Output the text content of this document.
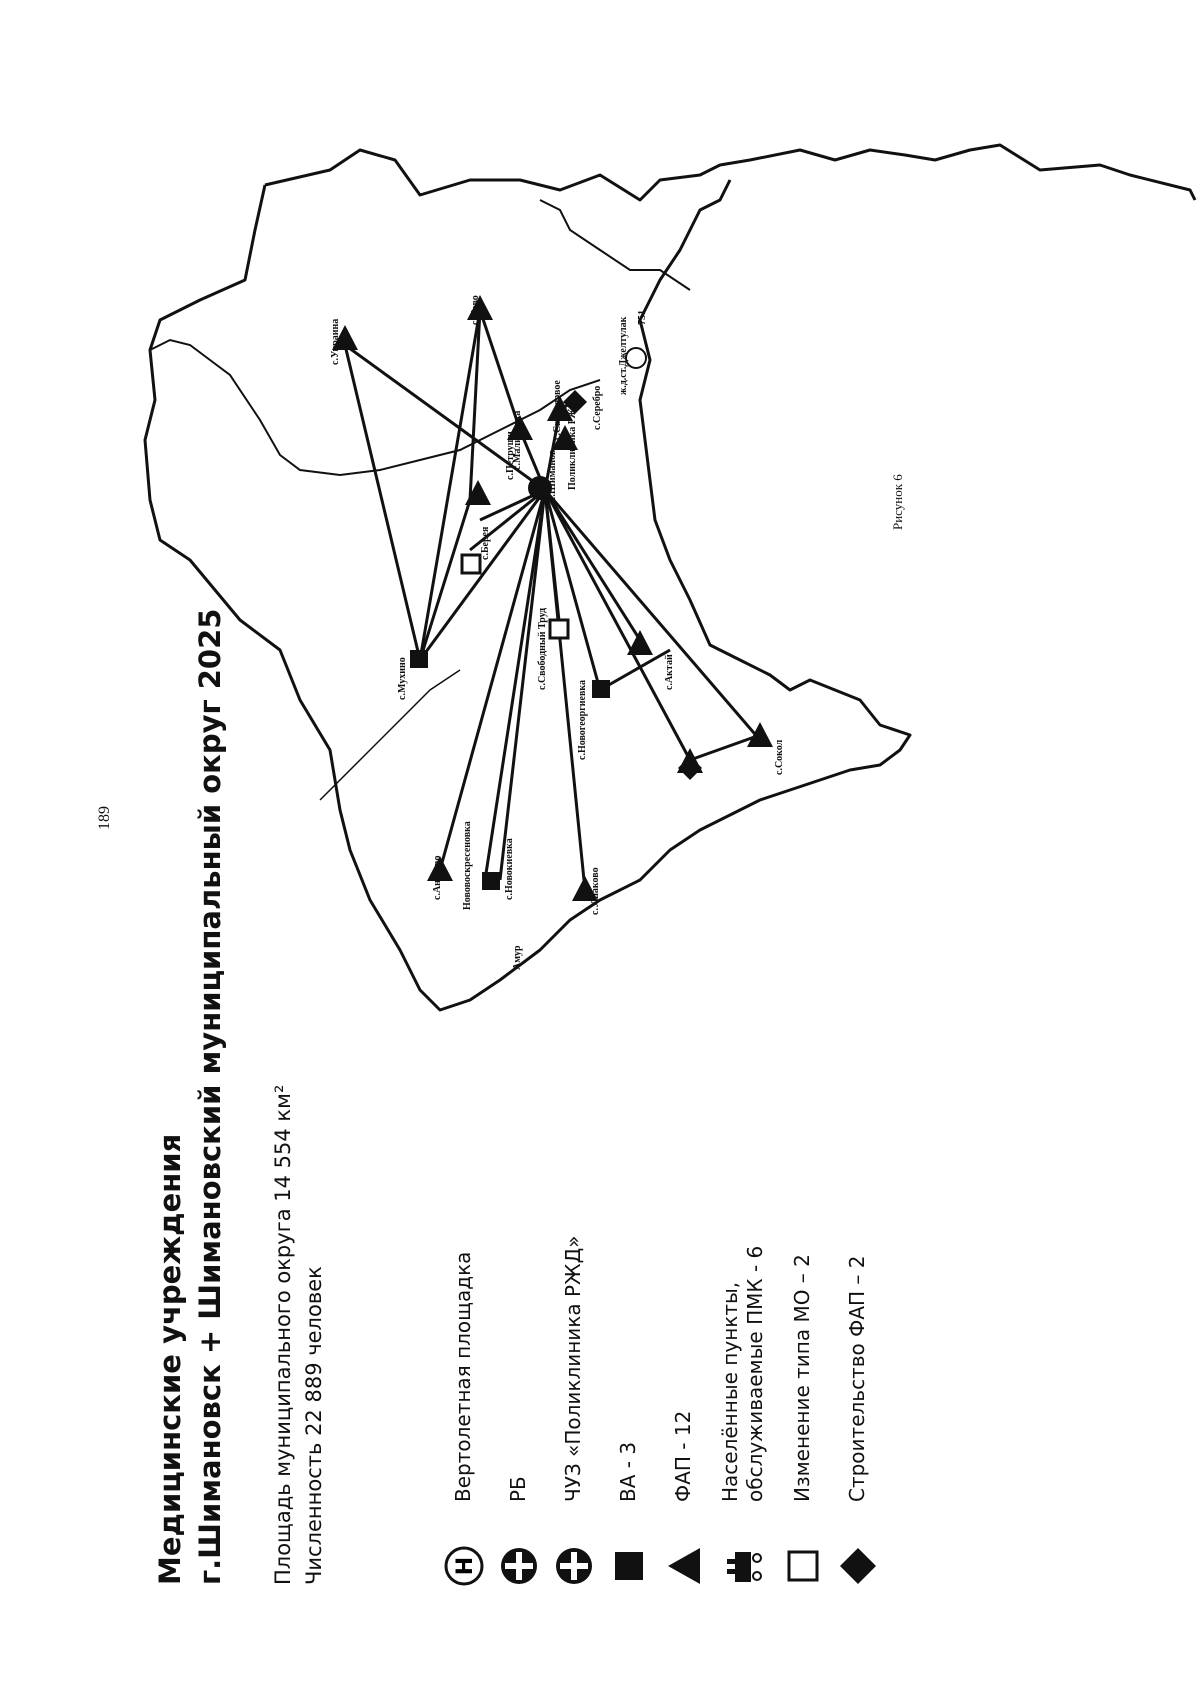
189
Медицинские учреждения г.Шимановск + Шимановский муниципальный округ 2025 Площадь муниципального округа 14 554 км² Численность 22 889 человек	H
Вертолетная площадка РБ ЧУЗ «Поликлиника РЖД» ВА - 3 ФАП - 12 Населённые пункты, обслуживаемые ПМК - 6 Изменение типа МО – 2 Строительство ФАП – 2
с.Украина
с.Ново
с.Малиновка
с.Берея
с.Петруши
с.Светиловое	с.Серебро
ж.д.ст.Джелтулак
с.Свободный Труд
с.Новогеоргиевка
с.Актай
с.Сокол
с.Аносово Нововоскресеновка	с.Новокиевка	с.Ушаково
с.Мухино
г.Шиманов Поликлиника РЖД
751
Амур
Рисунок 6
